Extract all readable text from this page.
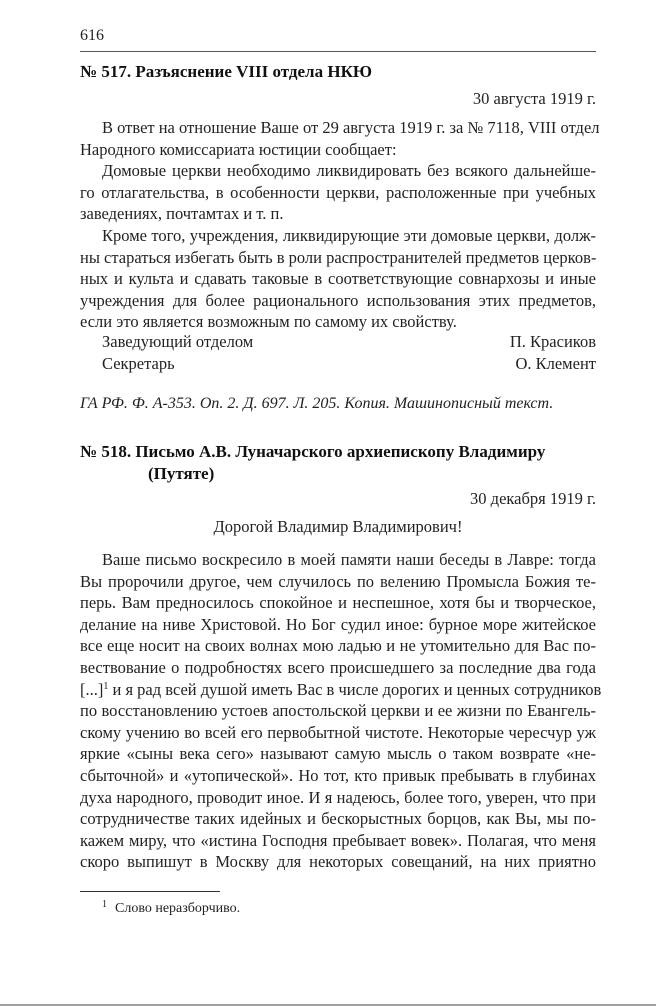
616
№ 517. Разъяснение VIII отдела НКЮ
30 августа 1919 г.
В ответ на отношение Ваше от 29 августа 1919 г. за № 7118, VIII отдел
Народного комиссариата юстиции сообщает:
Домовые церкви необходимо ликвидировать без всякого дальнейше-
го отлагательства, в особенности церкви, расположенные при учебных
заведениях, почтамтах и т. п.
Кроме того, учреждения, ликвидирующие эти домовые церкви, долж-
ны стараться избегать быть в роли распространителей предметов церков-
ных и культа и сдавать таковые в соответствующие совнархозы и иные
учреждения для более рационального использования этих предметов,
если это является возможным по самому их свойству.
Заведующий отделом	П. Красиков
Секретарь	О. Клемент
ГА РФ. Ф. А-353. Оп. 2. Д. 697. Л. 205. Копия. Машинописный текст.
№ 518. Письмо А.В. Луначарского архиепископу Владимиру
(Путяте)
30 декабря 1919 г.
Дорогой Владимир Владимирович!
Ваше письмо воскресило в моей памяти наши беседы в Лавре: тогда
Вы пророчили другое, чем случилось по велению Промысла Божия те-
перь. Вам предносилось спокойное и неспешное, хотя бы и творческое,
делание на ниве Христовой. Но Бог судил иное: бурное море житейское
все еще носит на своих волнах мою ладью и не утомительно для Вас по-
вествование о подробностях всего происшедшего за последние два года
[...]$^1$ и я рад всей душой иметь Вас в числе дорогих и ценных сотрудников
по восстановлению устоев апостольской церкви и ее жизни по Евангель-
скому учению во всей его первобытной чистоте. Некоторые чересчур уж
яркие «сыны века сего» называют самую мысль о таком возврате «не-
сбыточной» и «утопической». Но тот, кто привык пребывать в глубинах
духа народного, проводит иное. И я надеюсь, более того, уверен, что при
сотрудничестве таких идейных и бескорыстных борцов, как Вы, мы по-
кажем миру, что «истина Господня пребывает вовек». Полагая, что меня
скоро выпишут в Москву для некоторых совещаний, на них приятно
$^1$ Слово неразборчиво.
